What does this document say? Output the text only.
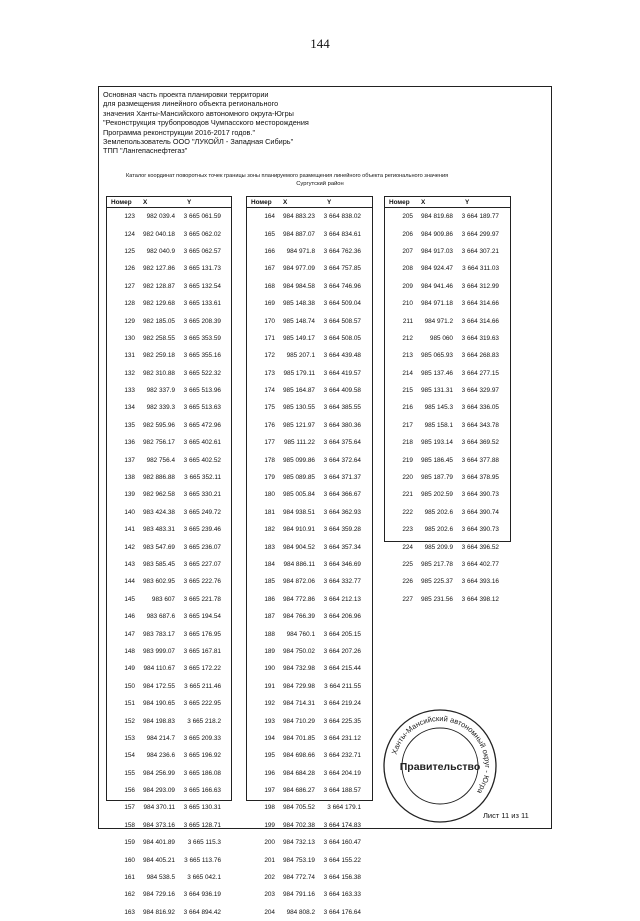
144
Основная часть проекта планировки территории
для размещения линейного объекта регионального
значения Ханты-Мансийского автономного округа-Югры
"Реконструкция трубопроводов Чумпасского месторождения
Программа реконструкции 2016-2017 годов."
Землепользователь ООО "ЛУКОЙЛ - Западная Сибирь"
ТПП "Лангепаснефтегаз"
Каталог координат поворотных точек границы зоны планируемого размещения линейного объекта регионального значения
Сургутский район
Номер	X	Y
123	982 039.4	3 665 061.59
124	982 040.18	3 665 062.02
125	982 040.9	3 665 062.57
126	982 127.86	3 665 131.73
127	982 128.87	3 665 132.54
128	982 129.68	3 665 133.61
129	982 185.05	3 665 208.39
130	982 258.55	3 665 353.59
131	982 259.18	3 665 355.16
132	982 310.88	3 665 522.32
133	982 337.9	3 665 513.96
134	982 339.3	3 665 513.63
135	982 595.96	3 665 472.96
136	982 756.17	3 665 402.61
137	982 756.4	3 665 402.52
138	982 886.88	3 665 352.11
139	982 962.58	3 665 330.21
140	983 424.38	3 665 249.72
141	983 483.31	3 665 239.46
142	983 547.69	3 665 236.07
143	983 585.45	3 665 227.07
144	983 602.95	3 665 222.76
145	983 607	3 665 221.78
146	983 687.6	3 665 194.54
147	983 783.17	3 665 176.95
148	983 999.07	3 665 167.81
149	984 110.67	3 665 172.22
150	984 172.55	3 665 211.46
151	984 190.65	3 665 222.95
152	984 198.83	3 665 218.2
153	984 214.7	3 665 209.33
154	984 236.6	3 665 196.92
155	984 256.99	3 665 186.08
156	984 293.09	3 665 166.63
157	984 370.11	3 665 130.31
158	984 373.16	3 665 128.71
159	984 401.89	3 665 115.3
160	984 405.21	3 665 113.76
161	984 538.5	3 665 042.1
162	984 729.16	3 664 936.19
163	984 816.92	3 664 894.42
Номер	X	Y
164	984 883.23	3 664 838.02
165	984 887.07	3 664 834.61
166	984 971.8	3 664 762.36
167	984 977.09	3 664 757.85
168	984 984.58	3 664 746.96
169	985 148.38	3 664 509.04
170	985 148.74	3 664 508.57
171	985 149.17	3 664 508.05
172	985 207.1	3 664 439.48
173	985 179.11	3 664 419.57
174	985 164.87	3 664 409.58
175	985 130.55	3 664 385.55
176	985 121.97	3 664 380.36
177	985 111.22	3 664 375.64
178	985 099.86	3 664 372.64
179	985 089.85	3 664 371.37
180	985 005.84	3 664 366.67
181	984 938.51	3 664 362.93
182	984 910.91	3 664 359.28
183	984 904.52	3 664 357.34
184	984 886.11	3 664 346.69
185	984 872.06	3 664 332.77
186	984 772.86	3 664 212.13
187	984 766.39	3 664 206.96
188	984 760.1	3 664 205.15
189	984 750.02	3 664 207.26
190	984 732.98	3 664 215.44
191	984 729.98	3 664 211.55
192	984 714.31	3 664 219.24
193	984 710.29	3 664 225.35
194	984 701.85	3 664 231.12
195	984 698.66	3 664 232.71
196	984 684.28	3 664 204.19
197	984 686.27	3 664 188.57
198	984 705.52	3 664 179.1
199	984 702.38	3 664 174.83
200	984 732.13	3 664 160.47
201	984 753.19	3 664 155.22
202	984 772.74	3 664 156.38
203	984 791.16	3 664 163.33
204	984 808.2	3 664 176.64
Номер	X	Y
205	984 819.68	3 664 189.77
206	984 909.86	3 664 299.97
207	984 917.03	3 664 307.21
208	984 924.47	3 664 311.03
209	984 941.46	3 664 312.99
210	984 971.18	3 664 314.66
211	984 971.2	3 664 314.66
212	985 060	3 664 319.63
213	985 065.93	3 664 268.83
214	985 137.46	3 664 277.15
215	985 131.31	3 664 329.97
216	985 145.3	3 664 336.05
217	985 158.1	3 664 343.78
218	985 193.14	3 664 369.52
219	985 186.45	3 664 377.88
220	985 187.79	3 664 378.95
221	985 202.59	3 664 390.73
222	985 202.6	3 664 390.74
223	985 202.6	3 664 390.73
224	985 209.9	3 664 396.52
225	985 217.78	3 664 402.77
226	985 225.37	3 664 393.16
227	985 231.56	3 664 398.12
Ханты-Мансийский автономный округ - Югра
Правительство
Лист 11 из 11
